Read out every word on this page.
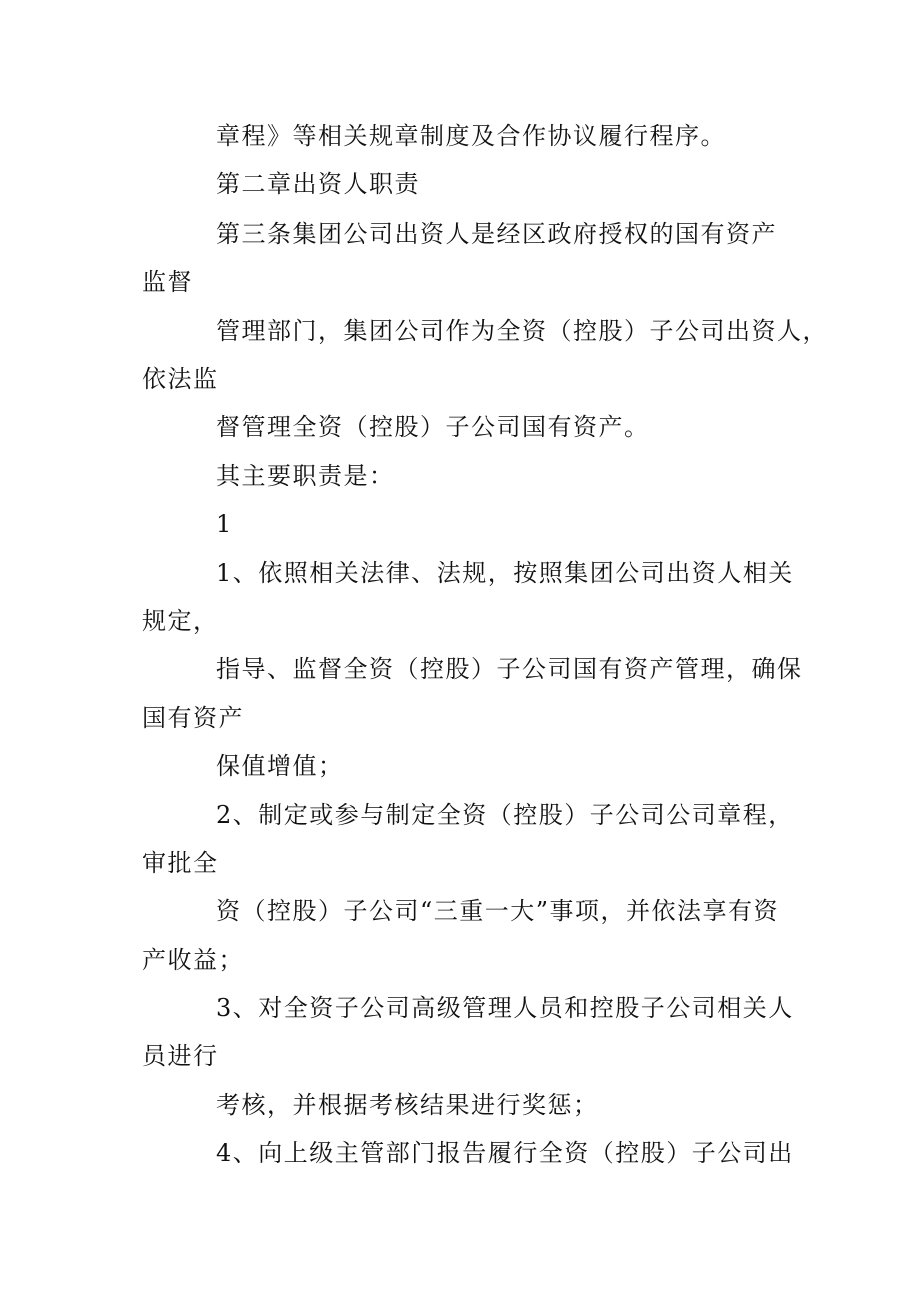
章程》等相关规章制度及合作协议履行程序。
第二章出资人职责
第三条集团公司出资人是经区政府授权的国有资产
监督
管理部门，集团公司作为全资（控股）子公司出资人，
依法监
督管理全资（控股）子公司国有资产。
其主要职责是：
1
1、依照相关法律、法规，按照集团公司出资人相关
规定，
指导、监督全资（控股）子公司国有资产管理，确保
国有资产
保值增值；
2、制定或参与制定全资（控股）子公司公司章程，
审批全
资（控股）子公司“三重一大”事项，并依法享有资
产收益；
3、对全资子公司高级管理人员和控股子公司相关人
员进行
考核，并根据考核结果进行奖惩；
4、向上级主管部门报告履行全资（控股）子公司出
